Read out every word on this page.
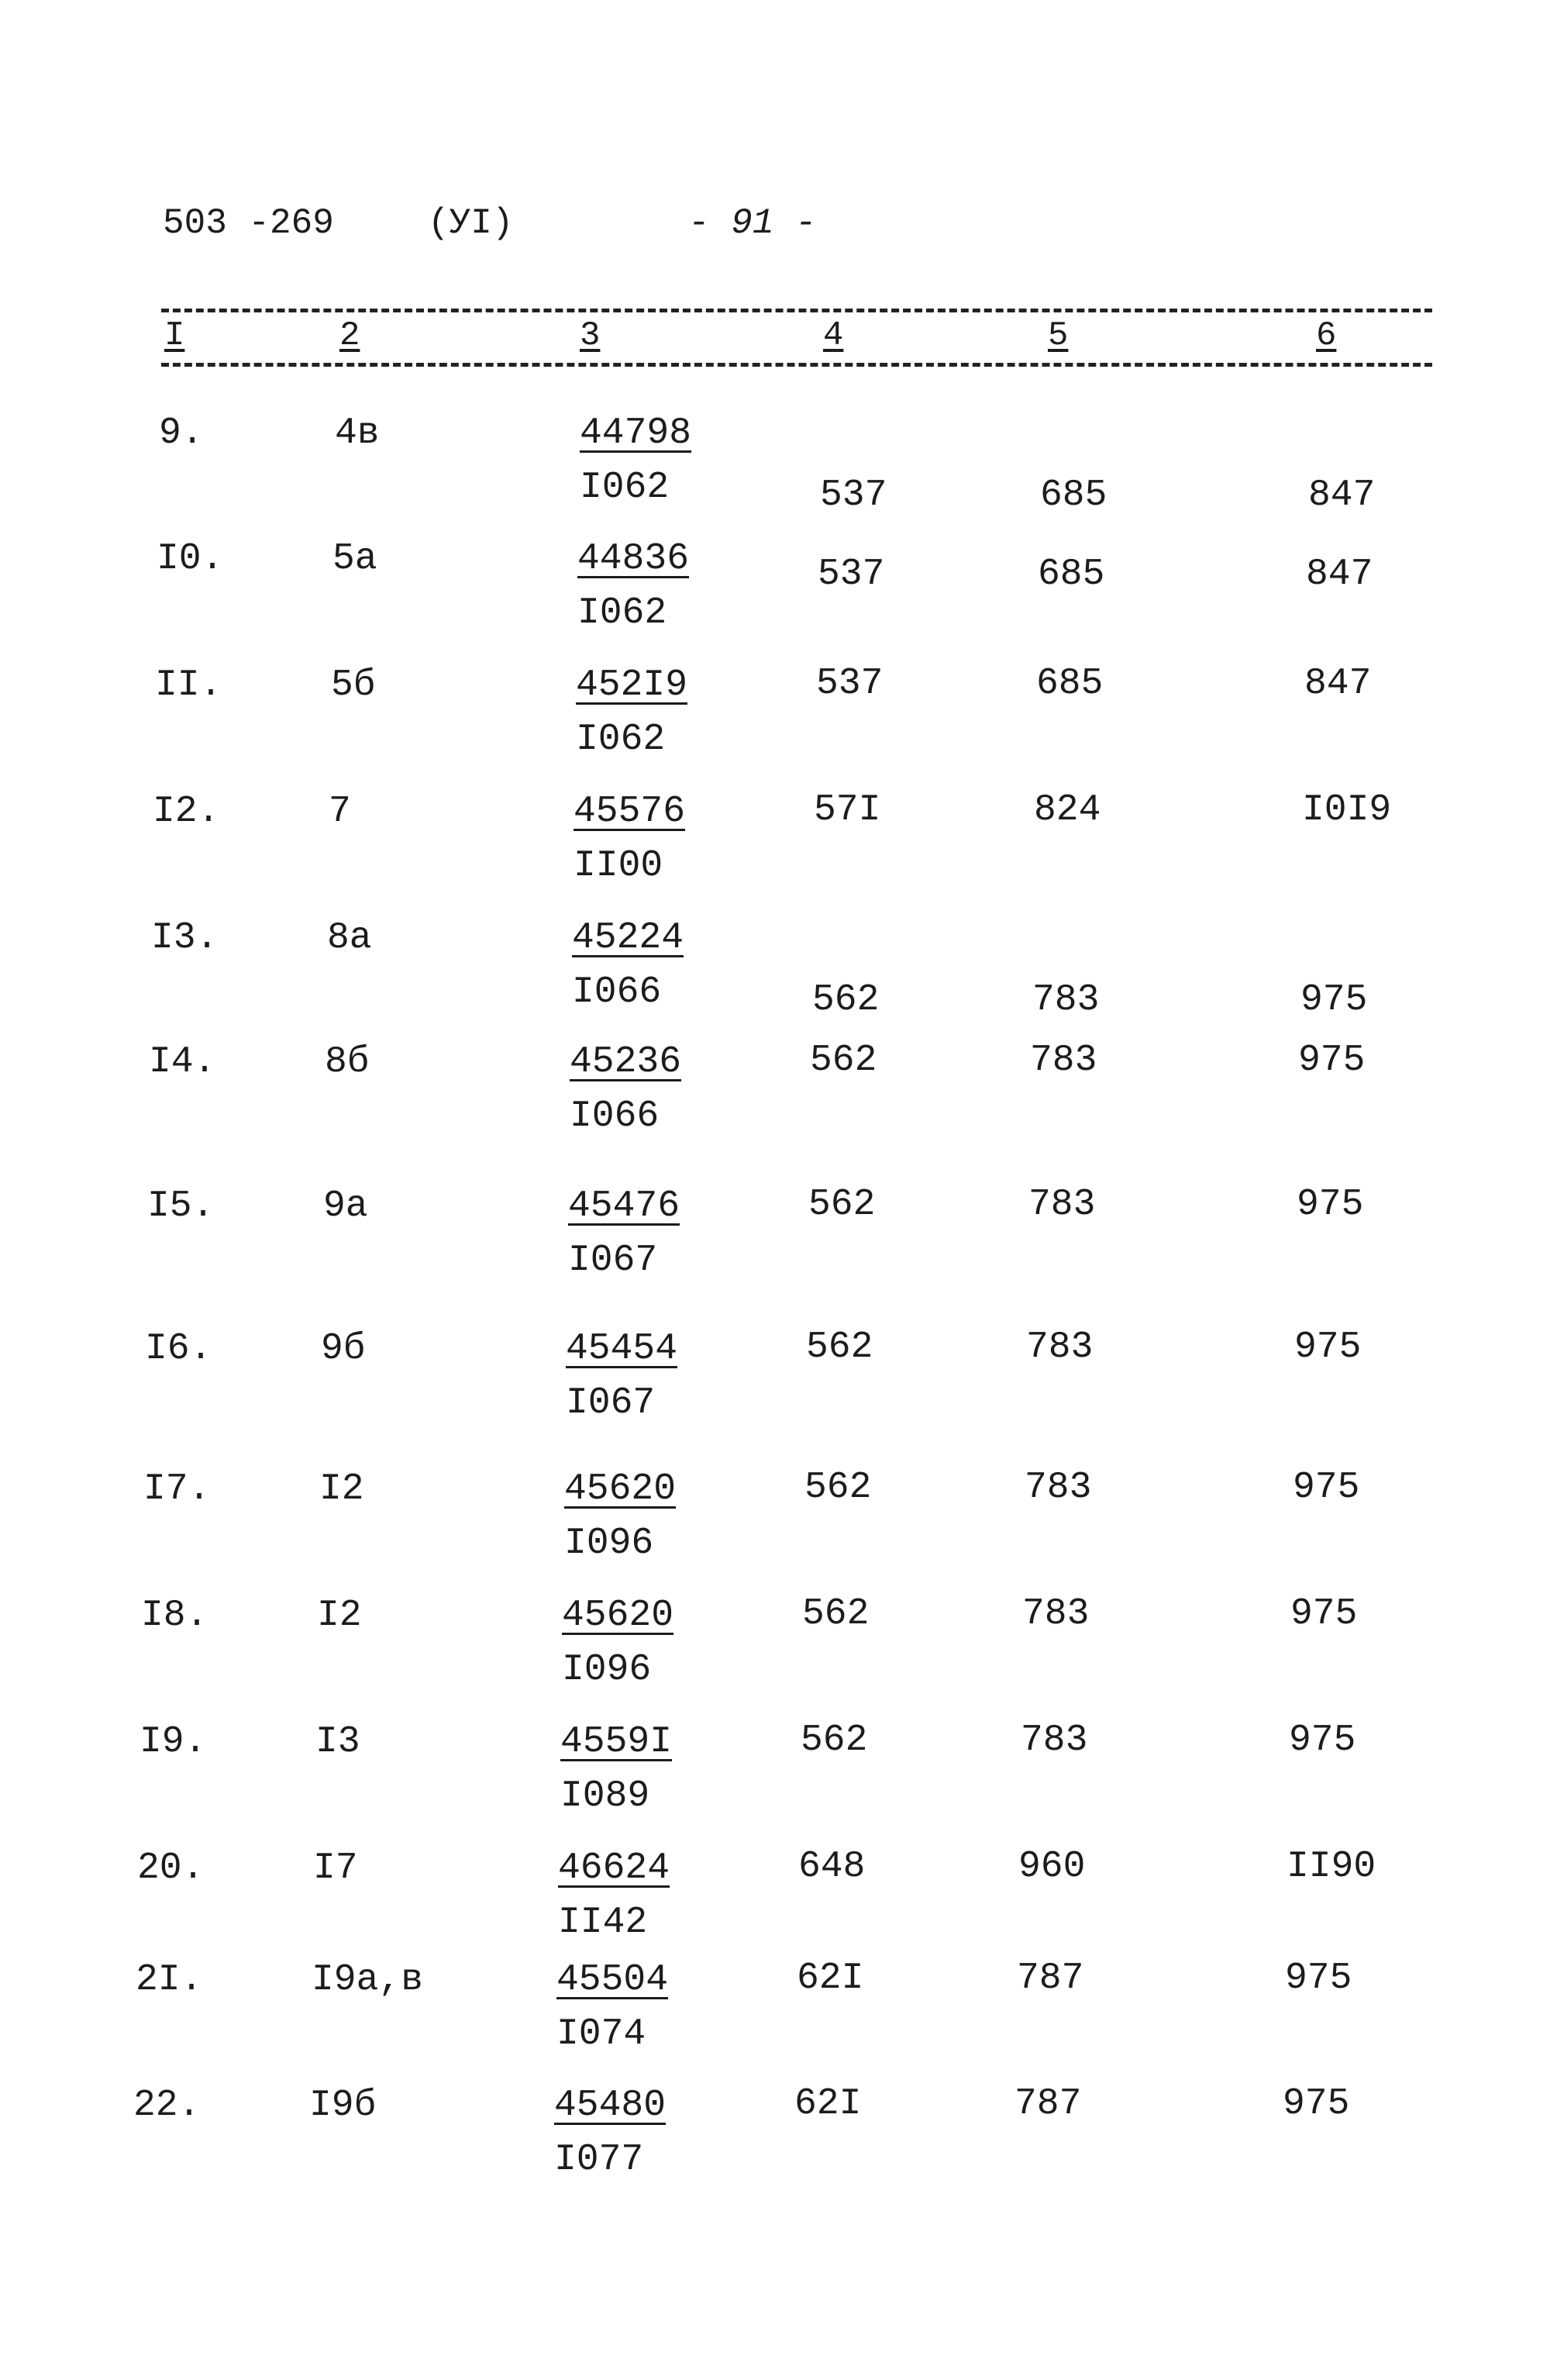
503 -269	(УI)	- 91 -
I	2	3	4	5	6
9.	4в	$\frac{44798}{I062}$	537	685	847
I0.	5а	$\frac{44836}{I062}$	537	685	847
II.	5б	$\frac{452I9}{I062}$	537	685	847
I2.	7	$\frac{45576}{II00}$	57I	824	I0I9
I3.	8а	$\frac{45224}{I066}$	562	783	975
I4.	8б	$\frac{45236}{I066}$	562	783	975
I5.	9а	$\frac{45476}{I067}$	562	783	975
I6.	9б	$\frac{45454}{I067}$	562	783	975
I7.	I2	$\frac{45620}{I096}$	562	783	975
I8.	I2	$\frac{45620}{I096}$	562	783	975
I9.	I3	$\frac{4559I}{I089}$	562	783	975
20.	I7	$\frac{46624}{II42}$	648	960	II90
2I.	I9а,в	$\frac{45504}{I074}$	62I	787	975
22.	I9б	$\frac{45480}{I077}$	62I	787	975
